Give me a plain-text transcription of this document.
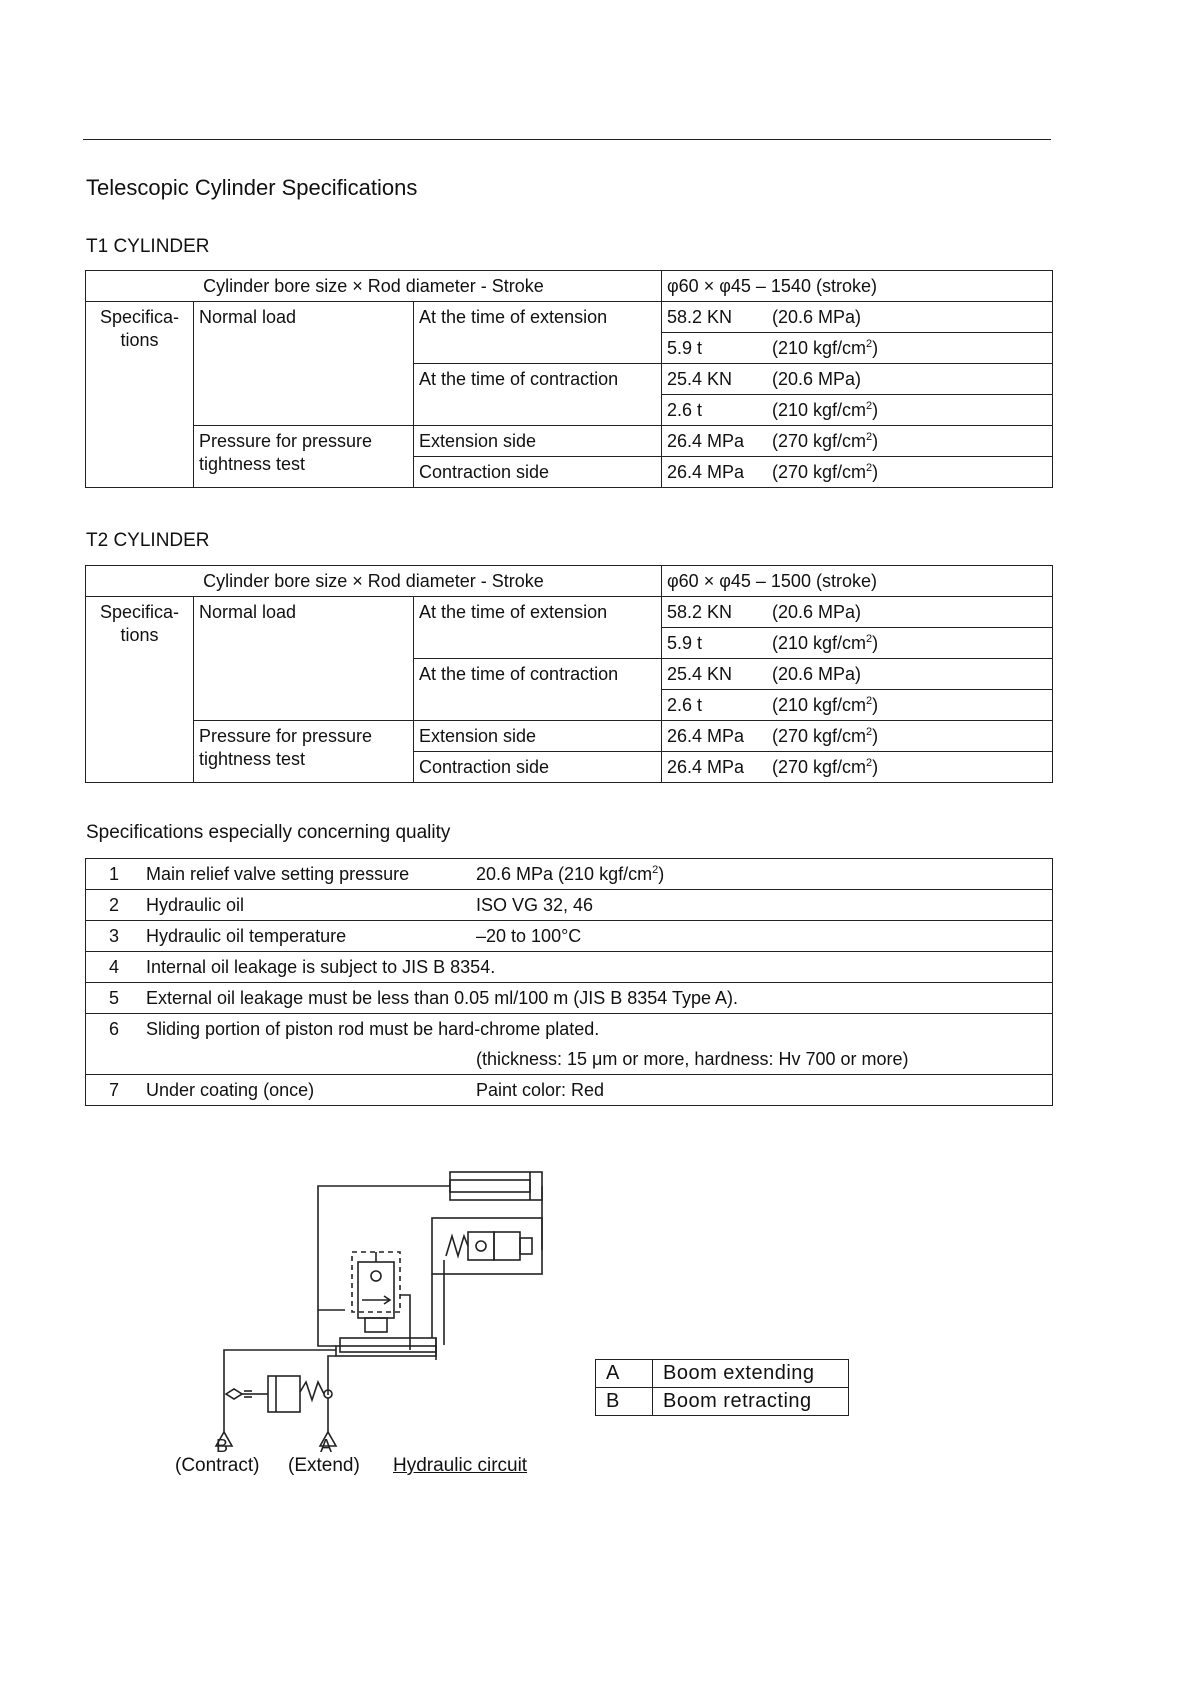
Telescopic Cylinder Specifications
T1 CYLINDER
Cylinder bore size × Rod diameter - Stroke			φ60 × φ45 – 1540 (stroke)	
Specifica-
tions	Normal load	At the time of extension	58.2 KN	(20.6 MPa)
			5.9 t	(210 kgf/$cm^2$)
		At the time of contraction	25.4 KN	(20.6 MPa)
			2.6 t	(210 kgf/$cm^2$)
	Pressure for pressure
tightness test	Extension side	26.4 MPa	(270 kgf/$cm^2$)
		Contraction side	26.4 MPa	(270 kgf/$cm^2$)
T2 CYLINDER
Cylinder bore size × Rod diameter - Stroke			φ60 × φ45 – 1500 (stroke)	
Specifica-
tions	Normal load	At the time of extension	58.2 KN	(20.6 MPa)
			5.9 t	(210 kgf/$cm^2$)
		At the time of contraction	25.4 KN	(20.6 MPa)
			2.6 t	(210 kgf/$cm^2$)
	Pressure for pressure
tightness test	Extension side	26.4 MPa	(270 kgf/$cm^2$)
		Contraction side	26.4 MPa	(270 kgf/$cm^2$)
Specifications especially concerning quality
1	Main relief valve setting pressure	20.6 MPa (210 kgf/$cm^2$)
2	Hydraulic oil	ISO VG 32, 46
3	Hydraulic oil temperature	–20 to 100°C
4	Internal oil leakage is subject to JIS B 8354.	
5	External oil leakage must be less than 0.05 ml/100 m (JIS B 8354 Type A).	
6	Sliding portion of piston rod must be hard-chrome plated.
(thickness: 15 μm or more, hardness: Hv 700 or more)	

7	Under coating (once)	Paint color: Red
B	A
(Contract) (Extend) Hydraulic circuit
A	Boom extending
B	Boom retracting
